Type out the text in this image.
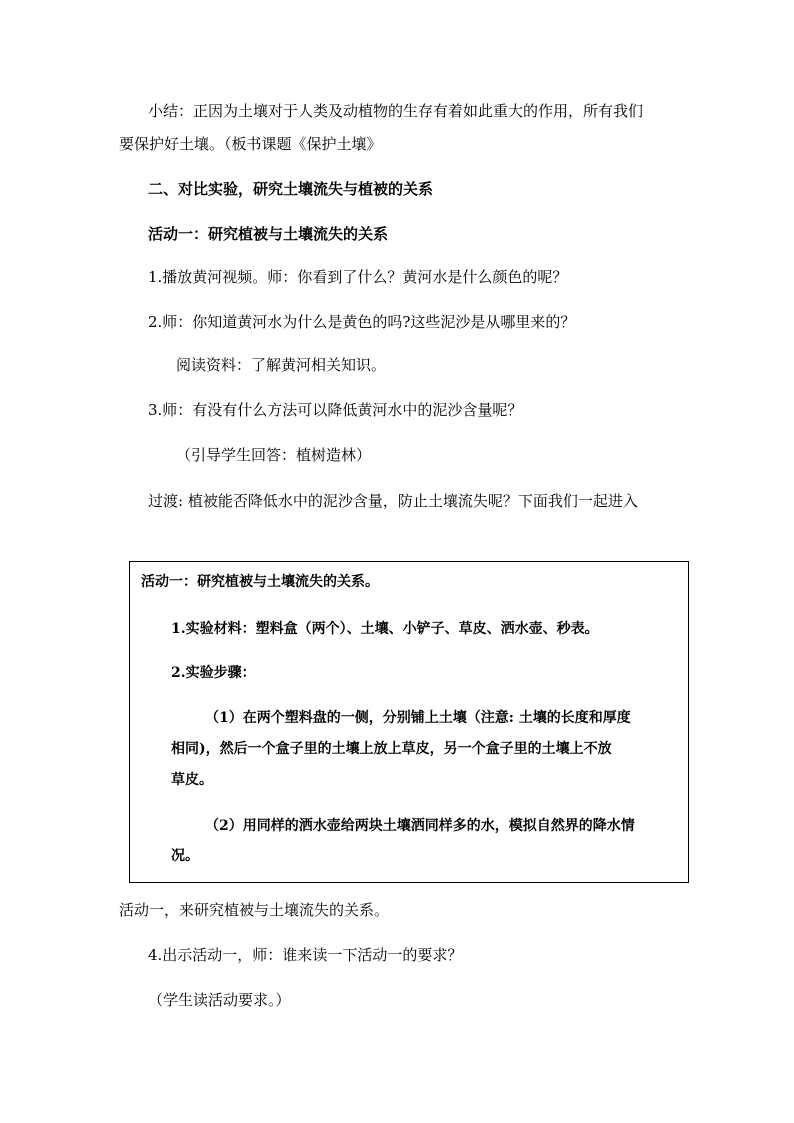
小结：正因为土壤对于人类及动植物的生存有着如此重大的作用，所有我们
要保护好土壤。（板书课题《保护土壤》
二、对比实验，研究土壤流失与植被的关系
活动一：研究植被与土壤流失的关系
1.播放黄河视频。师：你看到了什么？黄河水是什么颜色的呢？
2.师：你知道黄河水为什么是黄色的吗?这些泥沙是从哪里来的？
阅读资料：了解黄河相关知识。
3.师：有没有什么方法可以降低黄河水中的泥沙含量呢？
（引导学生回答：植树造林）
过渡: 植被能否降低水中的泥沙含量，防止土壤流失呢？下面我们一起进入
活动一：研究植被与土壤流失的关系。
1.实验材料：塑料盒（两个）、土壤、小铲子、草皮、洒水壶、秒表。
2.实验步骤：
（1）在两个塑料盘的一侧，分别铺上土壤（注意: 土壤的长度和厚度
相同)，然后一个盒子里的土壤上放上草皮，另一个盒子里的土壤上不放
草皮。
（2）用同样的洒水壶给两块土壤洒同样多的水，模拟自然界的降水情
况。
活动一，来研究植被与土壤流失的关系。
4.出示活动一，师：谁来读一下活动一的要求？
（学生读活动要求。）
